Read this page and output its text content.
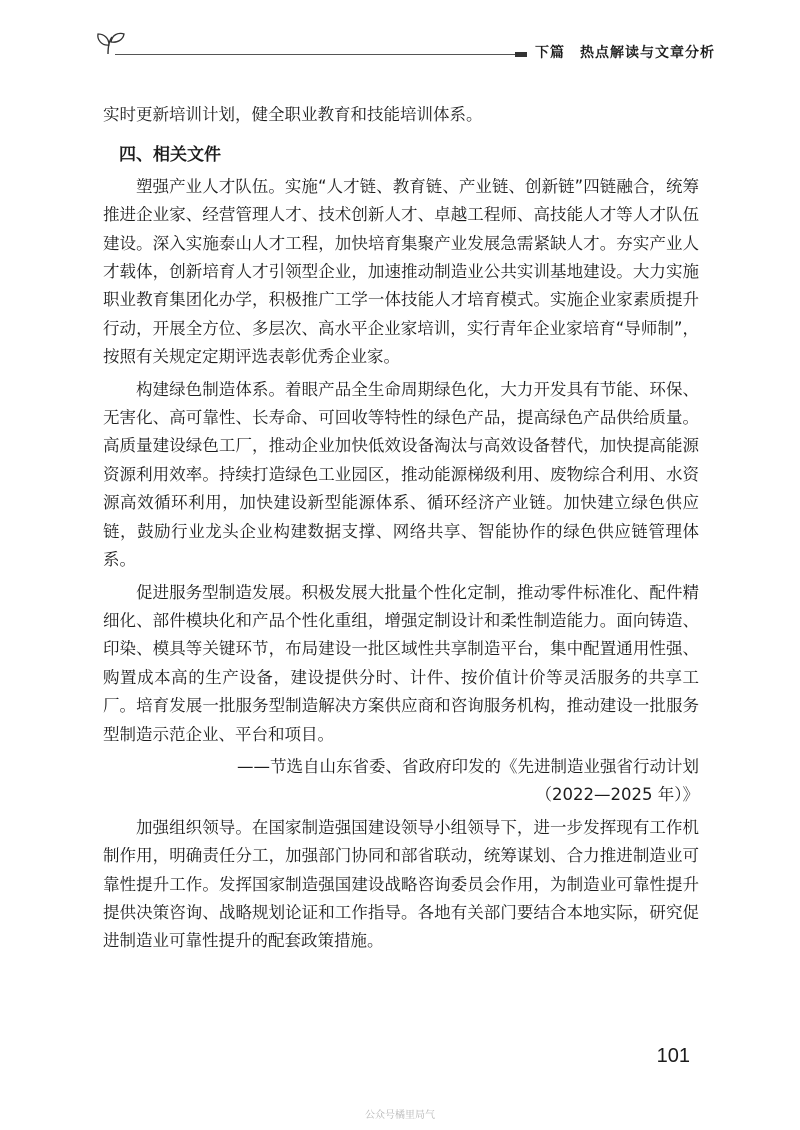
下篇　热点解读与文章分析

实时更新培训计划，健全职业教育和技能培训体系。

四、相关文件

塑强产业人才队伍。实施“人才链、教育链、产业链、创新链”四链融合，统筹推进企业家、经营管理人才、技术创新人才、卓越工程师、高技能人才等人才队伍建设。深入实施泰山人才工程，加快培育集聚产业发展急需紧缺人才。夯实产业人才载体，创新培育人才引领型企业，加速推动制造业公共实训基地建设。大力实施职业教育集团化办学，积极推广工学一体技能人才培育模式。实施企业家素质提升行动，开展全方位、多层次、高水平企业家培训，实行青年企业家培育“导师制”，按照有关规定定期评选表彰优秀企业家。

构建绿色制造体系。着眼产品全生命周期绿色化，大力开发具有节能、环保、无害化、高可靠性、长寿命、可回收等特性的绿色产品，提高绿色产品供给质量。高质量建设绿色工厂，推动企业加快低效设备淘汰与高效设备替代，加快提高能源资源利用效率。持续打造绿色工业园区，推动能源梯级利用、废物综合利用、水资源高效循环利用，加快建设新型能源体系、循环经济产业链。加快建立绿色供应链，鼓励行业龙头企业构建数据支撑、网络共享、智能协作的绿色供应链管理体系。

促进服务型制造发展。积极发展大批量个性化定制，推动零件标准化、配件精细化、部件模块化和产品个性化重组，增强定制设计和柔性制造能力。面向铸造、印染、模具等关键环节，布局建设一批区域性共享制造平台，集中配置通用性强、购置成本高的生产设备，建设提供分时、计件、按价值计价等灵活服务的共享工厂。培育发展一批服务型制造解决方案供应商和咨询服务机构，推动建设一批服务型制造示范企业、平台和项目。

——节选自山东省委、省政府印发的《先进制造业强省行动计划

（2022—2025 年）》

加强组织领导。在国家制造强国建设领导小组领导下，进一步发挥现有工作机制作用，明确责任分工，加强部门协同和部省联动，统筹谋划、合力推进制造业可靠性提升工作。发挥国家制造强国建设战略咨询委员会作用，为制造业可靠性提升提供决策咨询、战略规划论证和工作指导。各地有关部门要结合本地实际，研究促进制造业可靠性提升的配套政策措施。

101
公众号橘里局气
